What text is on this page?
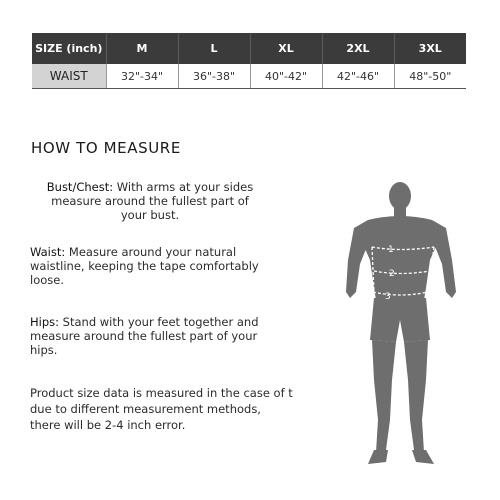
SIZE (inch)	M	L	XL	2XL	3XL
WAIST	32"-34"	36"-38"	40"-42"	42"-46"	48"-50"
HOW TO MEASURE

Bust/Chest: With arms at your sides
measure around the fullest part of
your bust.

Waist: Measure around your natural
waistline, keeping the tape comfortably
loose.

Hips: Stand with your feet together and
measure around the fullest part of your
hips.

Product size data is measured in the case of t
due to different measurement methods,
there will be 2-4 inch error.

1
2
3
